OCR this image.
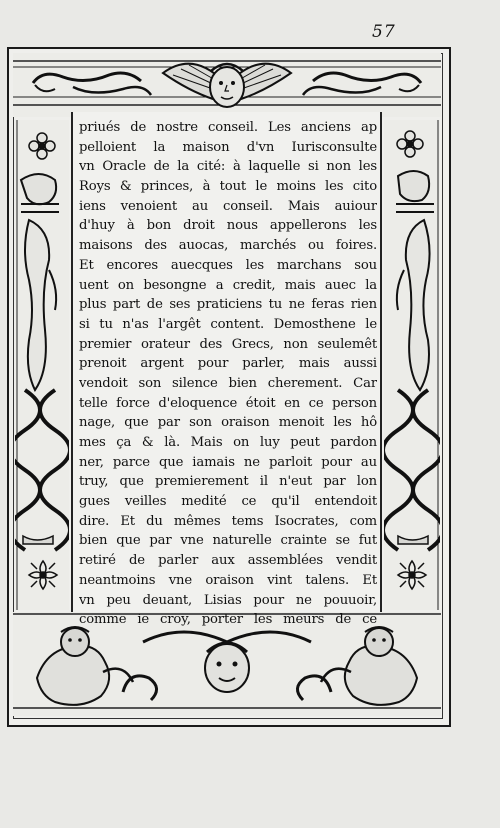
57
priués de nostre conseil. Les anciens ap
pelloient la maison d'vn Iurisconsulte
vn Oracle de la cité: à laquelle si non les
Roys & princes, à tout le moins les cito
iens venoient au conseil. Mais auiour
d'huy à bon droit nous appellerons les
maisons des auocas, marchés ou foires.
Et encores auecques les marchans sou
uent on besongne a credit, mais auec la
plus part de ses praticiens tu ne feras rien
si tu n'as l'argêt content. Demosthene le
premier orateur des Grecs, non seulemêt
prenoit argent pour parler, mais aussi
vendoit son silence bien cherement. Car
telle force d'eloquence étoit en ce person
nage, que par son oraison menoit les hô
mes ça & là. Mais on luy peut pardon
ner, parce que iamais ne parloit pour au
truy, que premierement il n'eut par lon
gues veilles medité ce qu'il entendoit
dire. Et du mêmes tems Isocrates, com
bien que par vne naturelle crainte se fut
retiré de parler aux assemblées vendit
neantmoins vne oraison vint talens. Et
vn peu deuant, Lisias pour ne pouuoir,
comme ie croy, porter les meurs de ce
